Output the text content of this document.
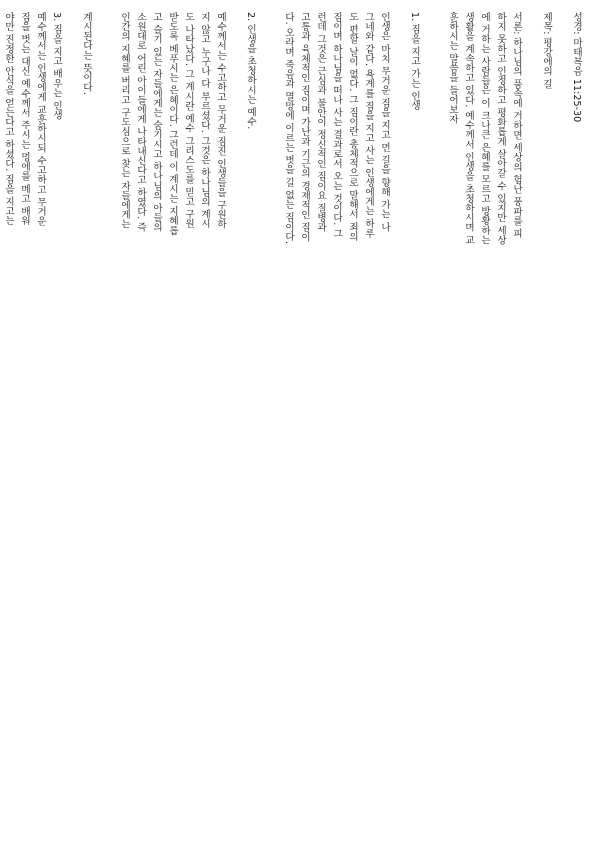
성경: 마태복음 11:25-30
제목: 평강에의 길
서론: 하나님의 품속에 거하면 세상의 험난 풍파를 피
하지 못하고 인정하고 평화롭게 살아갈 수 있지만 세상
에 거하는 사람들은 이 크나큰 은혜를 모르고 방황하는
생활을 계속하고 있다. 예수께서 인생을 초청하시며 교
훈하시는 말씀을 들어보자
1. 짐을 지고 가는 인생
인생은 마치 무거운 짐을 지고 먼 길을 향해 가는 나
그네와 같다. 욕계를 짐을 지고 사는 인생에게는 하루
도 편할 날이 없다. 그 짐이란 총체적으로 말해서 죄의
짐이며 하나님을 떠나 사는 결과로서 오는 것이다. 그
런데 그것은 근심과 불안이 정신적인 짐이요 질병과
고통과 육체적인 짐이며 가난과 기근의 경제적인 짐이
다. 오라며 죽음과 멸망에 이르는 벗을 길 없는 짐이다.
2. 인생을 초청하시는 예수.
예수께서는 수고하고 무거운 짐진 인생들을 구원하
지 않고 누구나 다 부르셨다. 그것은 하나님의 계시
도 나타났다. 그 계시란 예수 그리스도를 믿고 구원
받도록 베푸시는 은혜이다. 그런데 이 계시는 지혜롭
고 슬기 있는 자들에게는 숨기시고 하나님의 아들의
소원대로 어린 아이들에게 나타내신다고 하였다. 즉
인간의 지혜를 버리고 구도심으로 찾는 자들에게는
계시된다는 뜻이다.
3. 짐을 지고 배우는 인생
예수께서는 인생에게 교훈하시되 수고하고 무거운
짐을 벗는 대신 예수께서 주시는 멍에를 메고 배워
야만 진정한 안식을 얻는다고 하셨다. 짐을 지고는
